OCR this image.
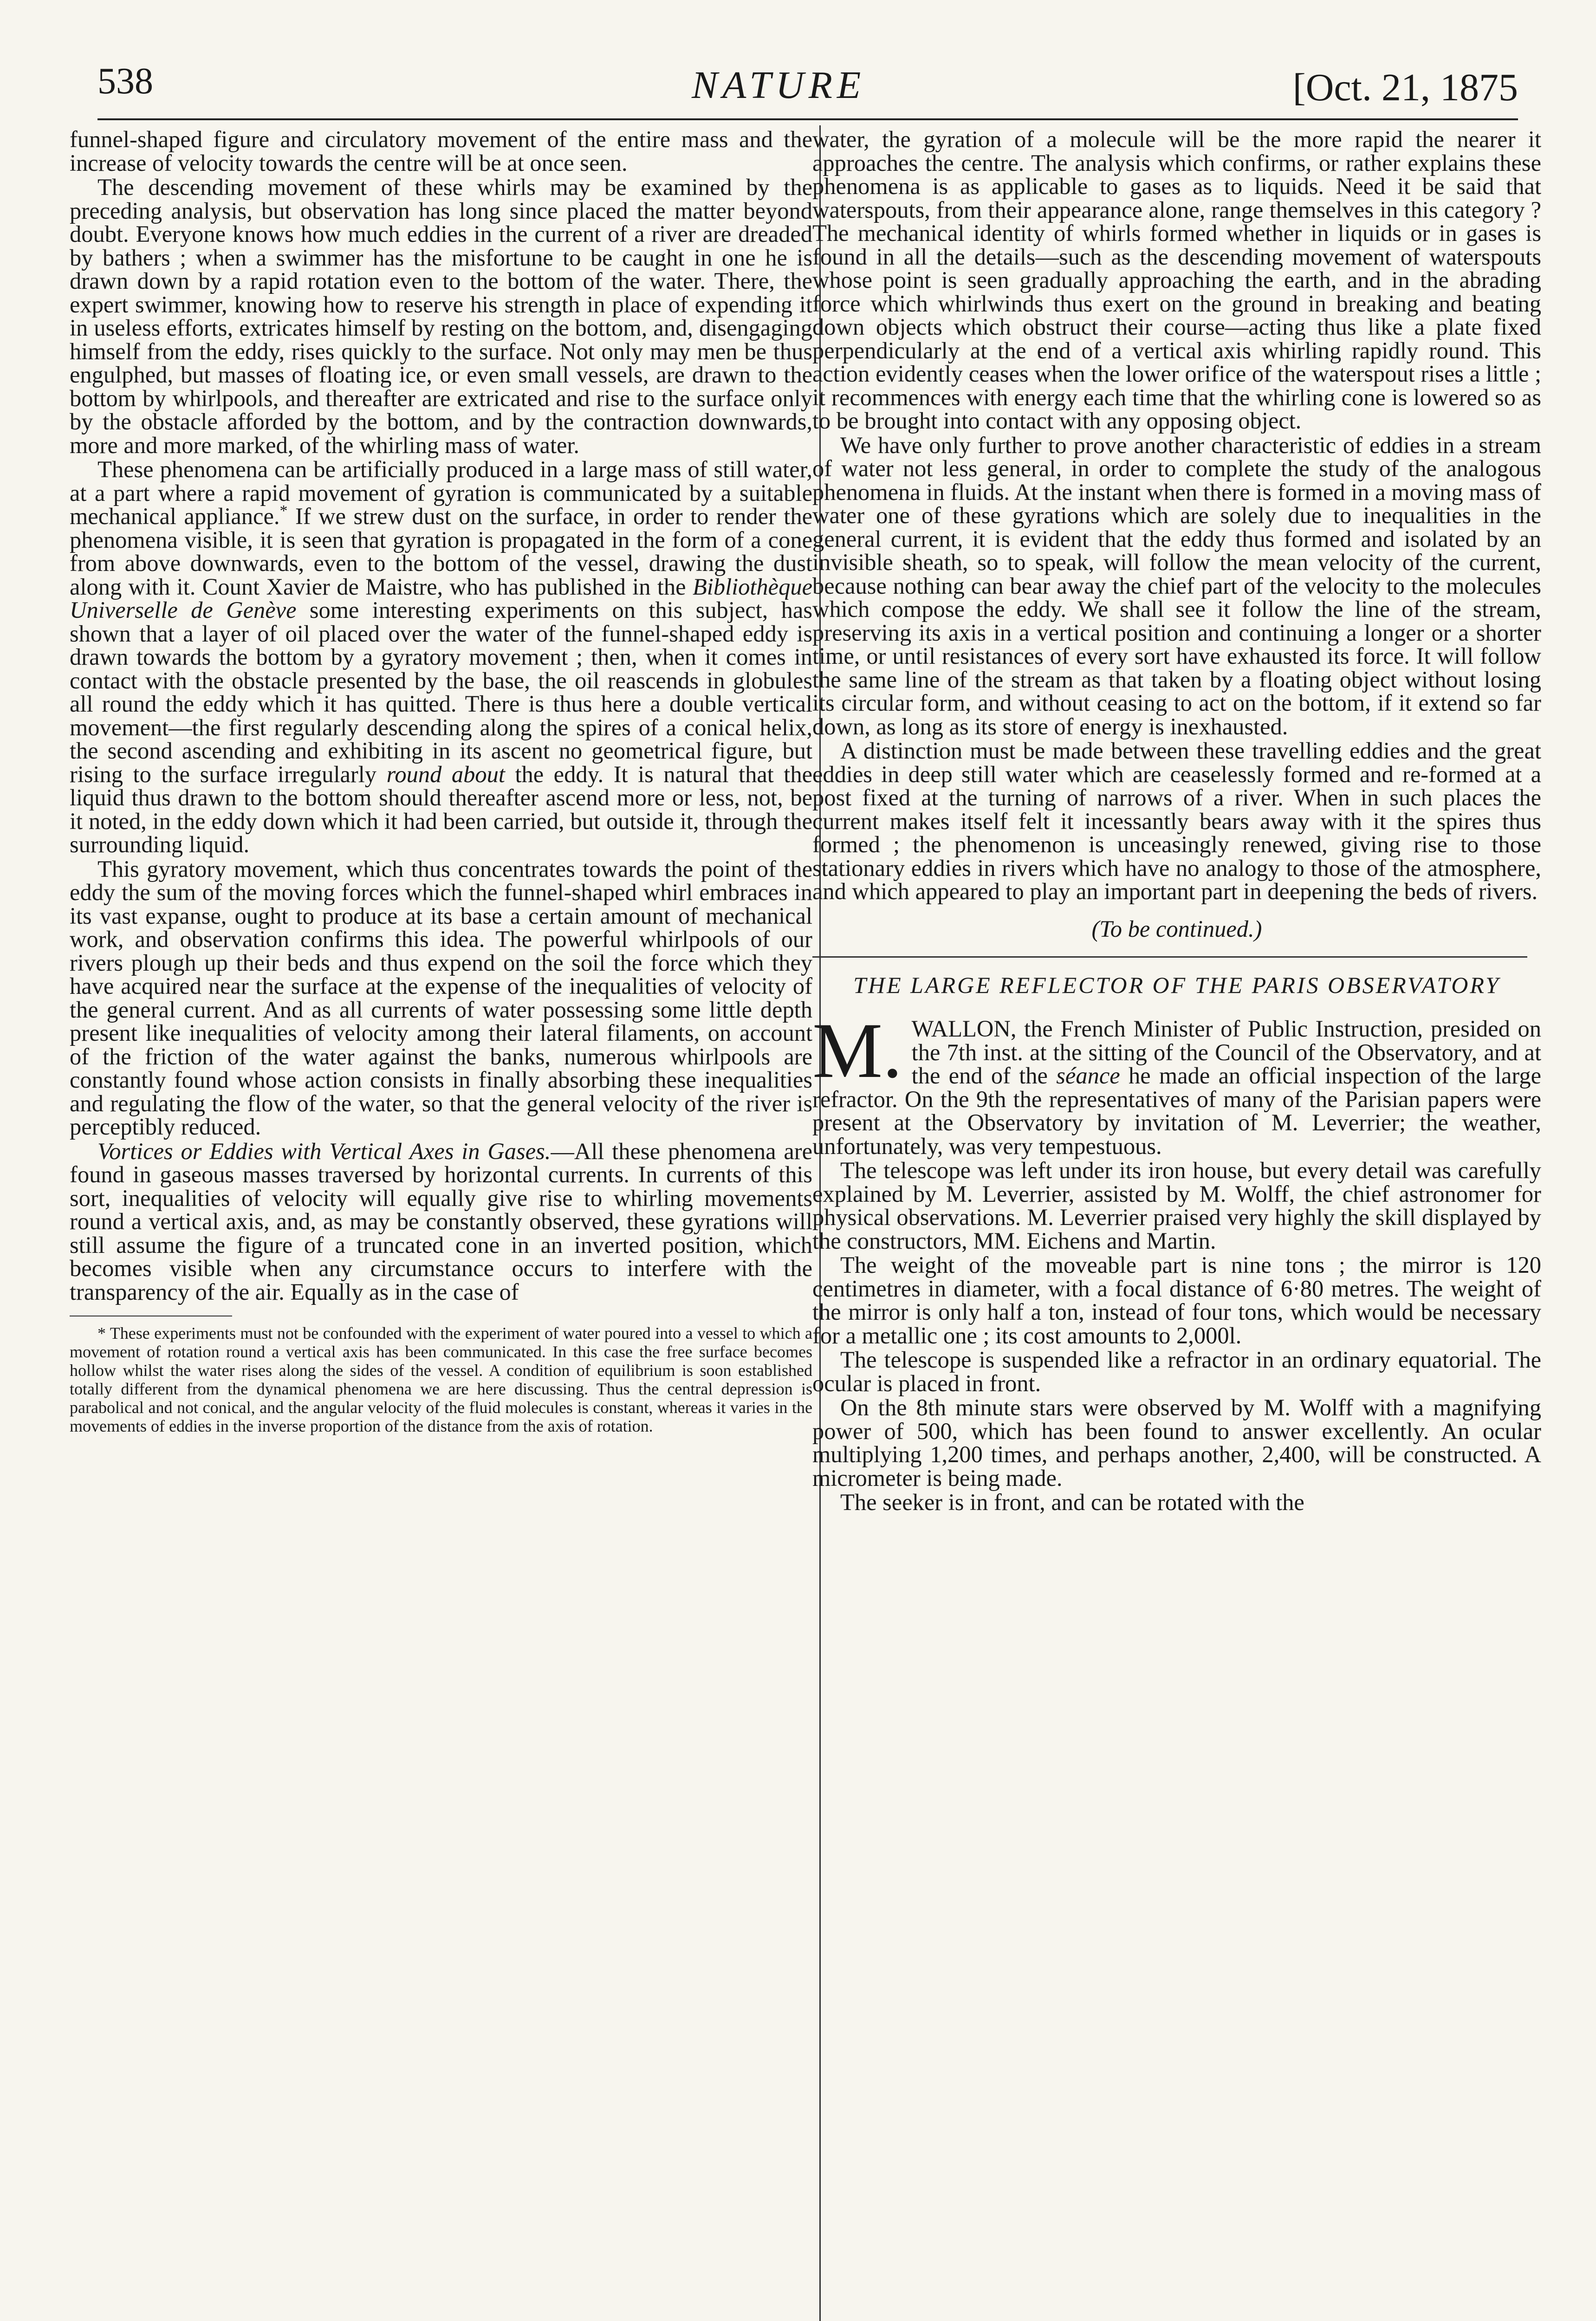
538	NATURE	[Oct. 21, 1875

funnel-shaped figure and circulatory movement of the entire mass and the increase of velocity towards the centre will be at once seen.

The descending movement of these whirls may be examined by the preceding analysis, but observation has long since placed the matter beyond doubt. Everyone knows how much eddies in the current of a river are dreaded by bathers ; when a swimmer has the misfortune to be caught in one he is drawn down by a rapid rotation even to the bottom of the water. There, the expert swimmer, knowing how to reserve his strength in place of expending it in useless efforts, extricates himself by resting on the bottom, and, disengaging himself from the eddy, rises quickly to the surface. Not only may men be thus engulphed, but masses of floating ice, or even small vessels, are drawn to the bottom by whirlpools, and thereafter are extricated and rise to the surface only by the obstacle afforded by the bottom, and by the contraction downwards, more and more marked, of the whirling mass of water.

These phenomena can be artificially produced in a large mass of still water, at a part where a rapid movement of gyration is communicated by a suitable mechanical appliance.* If we strew dust on the surface, in order to render the phenomena visible, it is seen that gyration is propagated in the form of a cone from above downwards, even to the bottom of the vessel, drawing the dust along with it. Count Xavier de Maistre, who has published in the Bibliothèque Universelle de Genève some interesting experiments on this subject, has shown that a layer of oil placed over the water of the funnel-shaped eddy is drawn towards the bottom by a gyratory movement ; then, when it comes in contact with the obstacle presented by the base, the oil reascends in globules all round the eddy which it has quitted. There is thus here a double vertical movement—the first regularly descending along the spires of a conical helix, the second ascending and exhibiting in its ascent no geometrical figure, but rising to the surface irregularly round about the eddy. It is natural that the liquid thus drawn to the bottom should thereafter ascend more or less, not, be it noted, in the eddy down which it had been carried, but outside it, through the surrounding liquid.

This gyratory movement, which thus concentrates towards the point of the eddy the sum of the moving forces which the funnel-shaped whirl embraces in its vast expanse, ought to produce at its base a certain amount of mechanical work, and observation confirms this idea. The powerful whirlpools of our rivers plough up their beds and thus expend on the soil the force which they have acquired near the surface at the expense of the inequalities of velocity of the general current. And as all currents of water possessing some little depth present like inequalities of velocity among their lateral filaments, on account of the friction of the water against the banks, numerous whirlpools are constantly found whose action consists in finally absorbing these inequalities and regulating the flow of the water, so that the general velocity of the river is perceptibly reduced.

Vortices or Eddies with Vertical Axes in Gases.—All these phenomena are found in gaseous masses traversed by horizontal currents. In currents of this sort, inequalities of velocity will equally give rise to whirling movements round a vertical axis, and, as may be constantly observed, these gyrations will still assume the figure of a truncated cone in an inverted position, which becomes visible when any circumstance occurs to interfere with the transparency of the air. Equally as in the case of

* These experiments must not be confounded with the experiment of water poured into a vessel to which a movement of rotation round a vertical axis has been communicated. In this case the free surface becomes hollow whilst the water rises along the sides of the vessel. A condition of equilibrium is soon established totally different from the dynamical phenomena we are here discussing. Thus the central depression is parabolical and not conical, and the angular velocity of the fluid molecules is constant, whereas it varies in the movements of eddies in the inverse proportion of the distance from the axis of rotation.

water, the gyration of a molecule will be the more rapid the nearer it approaches the centre. The analysis which confirms, or rather explains these phenomena is as applicable to gases as to liquids. Need it be said that waterspouts, from their appearance alone, range themselves in this category ? The mechanical identity of whirls formed whether in liquids or in gases is found in all the details—such as the descending movement of waterspouts whose point is seen gradually approaching the earth, and in the abrading force which whirlwinds thus exert on the ground in breaking and beating down objects which obstruct their course—acting thus like a plate fixed perpendicularly at the end of a vertical axis whirling rapidly round. This action evidently ceases when the lower orifice of the waterspout rises a little ; it recommences with energy each time that the whirling cone is lowered so as to be brought into contact with any opposing object.

We have only further to prove another characteristic of eddies in a stream of water not less general, in order to complete the study of the analogous phenomena in fluids. At the instant when there is formed in a moving mass of water one of these gyrations which are solely due to inequalities in the general current, it is evident that the eddy thus formed and isolated by an invisible sheath, so to speak, will follow the mean velocity of the current, because nothing can bear away the chief part of the velocity to the molecules which compose the eddy. We shall see it follow the line of the stream, preserving its axis in a vertical position and continuing a longer or a shorter time, or until resistances of every sort have exhausted its force. It will follow the same line of the stream as that taken by a floating object without losing its circular form, and without ceasing to act on the bottom, if it extend so far down, as long as its store of energy is inexhausted.

A distinction must be made between these travelling eddies and the great eddies in deep still water which are ceaselessly formed and re-formed at a post fixed at the turning of narrows of a river. When in such places the current makes itself felt it incessantly bears away with it the spires thus formed ; the phenomenon is unceasingly renewed, giving rise to those stationary eddies in rivers which have no analogy to those of the atmosphere, and which appeared to play an important part in deepening the beds of rivers.

(To be continued.)
THE LARGE REFLECTOR OF THE PARIS OBSERVATORY

M. WALLON, the French Minister of Public Instruction, presided on the 7th inst. at the sitting of the Council of the Observatory, and at the end of the séance he made an official inspection of the large refractor. On the 9th the representatives of many of the Parisian papers were present at the Observatory by invitation of M. Leverrier; the weather, unfortunately, was very tempestuous.

The telescope was left under its iron house, but every detail was carefully explained by M. Leverrier, assisted by M. Wolff, the chief astronomer for physical observations. M. Leverrier praised very highly the skill displayed by the constructors, MM. Eichens and Martin.

The weight of the moveable part is nine tons ; the mirror is 120 centimetres in diameter, with a focal distance of 6·80 metres. The weight of the mirror is only half a ton, instead of four tons, which would be necessary for a metallic one ; its cost amounts to 2,000l.

The telescope is suspended like a refractor in an ordinary equatorial. The ocular is placed in front.

On the 8th minute stars were observed by M. Wolff with a magnifying power of 500, which has been found to answer excellently. An ocular multiplying 1,200 times, and perhaps another, 2,400, will be constructed. A micrometer is being made.

The seeker is in front, and can be rotated with the
